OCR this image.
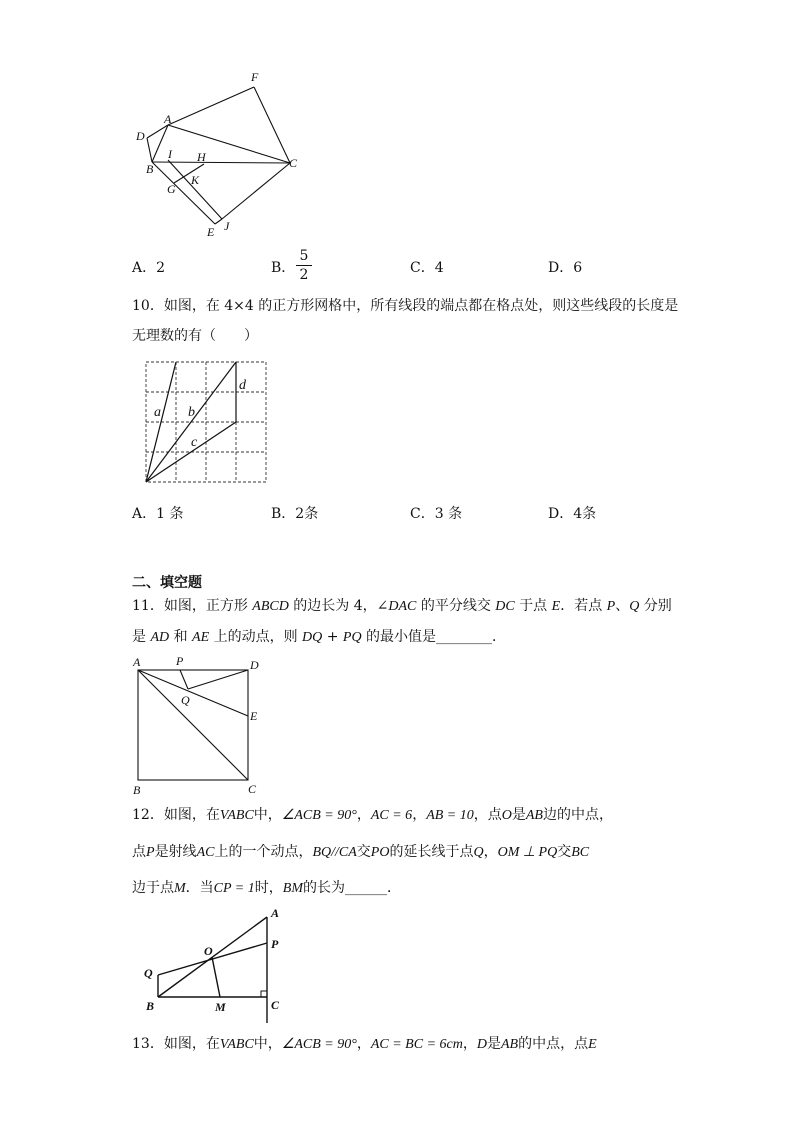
F
A
D
I H	C
B
G
K
E J
A．2	B．
5
2	C．4	D．6
10．如图，在 4×4 的正方形网格中，所有线段的端点都在格点处，则这些线段的长度是
无理数的有（　　）
a b
c
d
A．1 条	B．2条	C．3 条	D．4条
二、填空题
11．如图，正方形 ABCD 的边长为 4，∠DAC 的平分线交 DC 于点 E．若点 P、Q 分别
是 AD 和 AE 上的动点，则 DQ + PQ 的最小值是________．
A	P	D
Q
E
B	C
12．如图，在VABC中，∠ACB = 90°，AC = 6，AB = 10，点O是AB边的中点，
点P是射线AC上的一个动点，BQ//CA交PO的延长线于点Q，OM ⊥ PQ交BC
边于点M．当CP = 1时，BM的长为______．
A
P
O
Q
B	M	C
13．如图，在VABC中，∠ACB = 90°，AC = BC = 6cm，D是AB的中点，点E
